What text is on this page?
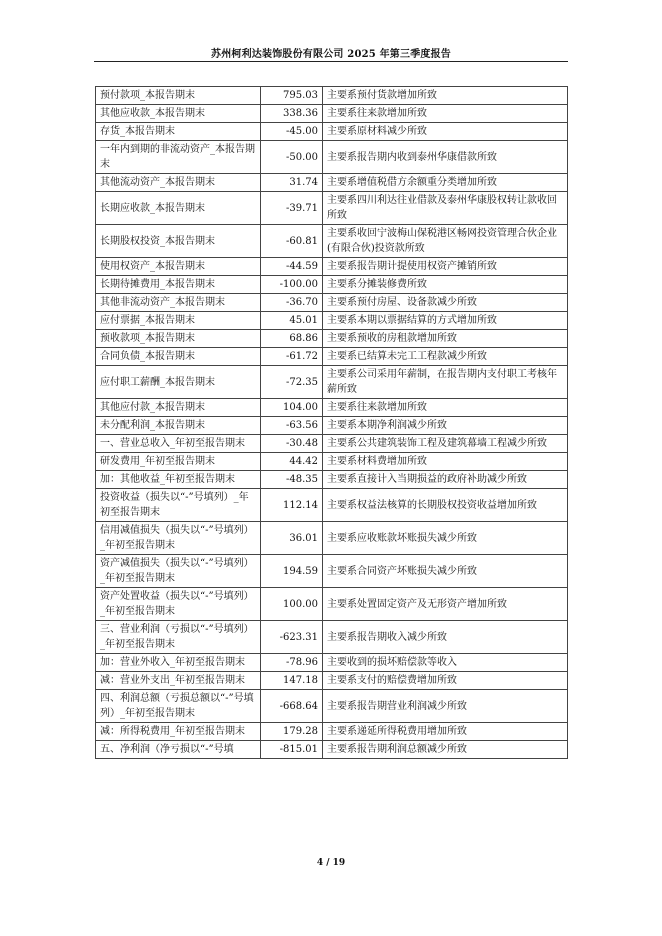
苏州柯利达装饰股份有限公司 2025 年第三季度报告
预付款项_本报告期末	795.03	主要系预付货款增加所致
其他应收款_本报告期末	338.36	主要系往来款增加所致
存货_本报告期末	-45.00	主要系原材料减少所致
一年内到期的非流动资产_本报告期末	-50.00	主要系报告期内收到泰州华康借款所致
其他流动资产_本报告期末	31.74	主要系增值税借方余额重分类增加所致
长期应收款_本报告期末	-39.71	主要系四川利达往业借款及泰州华康股权转让款收回所致
长期股权投资_本报告期末	-60.81	主要系收回宁波梅山保税港区畅网投资管理合伙企业(有限合伙)投资款所致
使用权资产_本报告期末	-44.59	主要系报告期计提使用权资产摊销所致
长期待摊费用_本报告期末	-100.00	主要系分摊装修费所致
其他非流动资产_本报告期末	-36.70	主要系预付房屋、设备款减少所致
应付票据_本报告期末	45.01	主要系本期以票据结算的方式增加所致
预收款项_本报告期末	68.86	主要系预收的房租款增加所致
合同负债_本报告期末	-61.72	主要系已结算未完工工程款减少所致
应付职工薪酬_本报告期末	-72.35	主要系公司采用年薪制，在报告期内支付职工考核年薪所致
其他应付款_本报告期末	104.00	主要系往来款增加所致
未分配利润_本报告期末	-63.56	主要系本期净利润减少所致
一、营业总收入_年初至报告期末	-30.48	主要系公共建筑装饰工程及建筑幕墙工程减少所致
研发费用_年初至报告期末	44.42	主要系材料费增加所致
加：其他收益_年初至报告期末	-48.35	主要系直接计入当期损益的政府补助减少所致
投资收益（损失以“-”号填列）_年初至报告期末	112.14	主要系权益法核算的长期股权投资收益增加所致
信用减值损失（损失以“-”号填列）_年初至报告期末	36.01	主要系应收账款坏账损失减少所致
资产减值损失（损失以“-”号填列）_年初至报告期末	194.59	主要系合同资产坏账损失减少所致
资产处置收益（损失以“-”号填列）_年初至报告期末	100.00	主要系处置固定资产及无形资产增加所致
三、营业利润（亏损以“-”号填列）_年初至报告期末	-623.31	主要系报告期收入减少所致
加：营业外收入_年初至报告期末	-78.96	主要收到的损坏赔偿款等收入
减：营业外支出_年初至报告期末	147.18	主要系支付的赔偿费增加所致
四、利润总额（亏损总额以“-”号填列）_年初至报告期末	-668.64	主要系报告期营业利润减少所致
减：所得税费用_年初至报告期末	179.28	主要系递延所得税费用增加所致
五、净利润（净亏损以“-”号填	-815.01	主要系报告期利润总额减少所致
4 / 19
